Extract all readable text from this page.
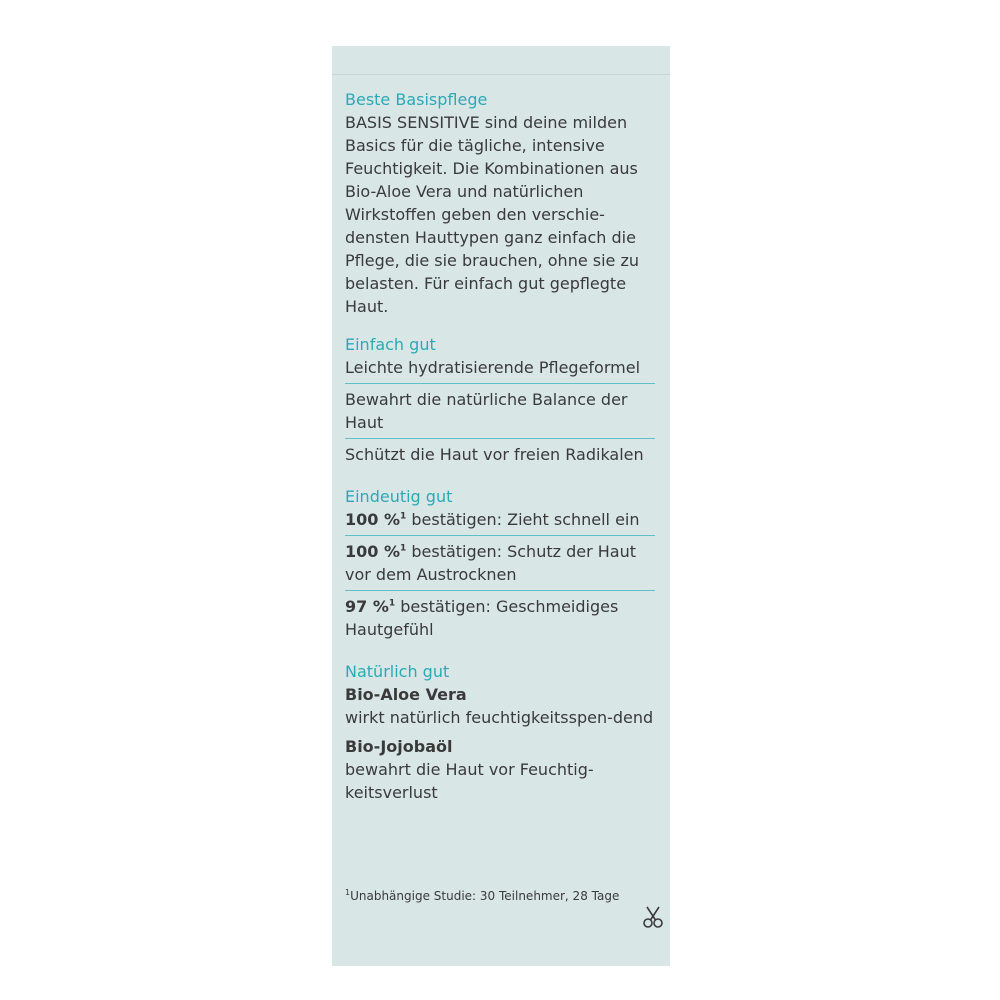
Beste Basispflege

BASIS SENSITIVE sind deine milden Basics für die tägliche, intensive Feuchtigkeit. Die Kombinationen aus Bio-Aloe Vera und natürlichen Wirkstoffen geben den verschie-densten Hauttypen ganz einfach die Pflege, die sie brauchen, ohne sie zu belasten. Für einfach gut gepflegte Haut.

Einfach gut

Leichte hydratisierende Pflegeformel
Bewahrt die natürliche Balance der Haut
Schützt die Haut vor freien Radikalen

Eindeutig gut

100 %$^1$ bestätigen: Zieht schnell ein
100 %$^1$ bestätigen: Schutz der Haut vor dem Austrocknen
97 %$^1$ bestätigen: Geschmeidiges Hautgefühl

Natürlich gut

Bio-Aloe Vera
wirkt natürlich feuchtigkeitsspen-dend
Bio-Jojobaöl
bewahrt die Haut vor Feuchtig-keitsverlust
$^1$Unabhängige Studie: 30 Teilnehmer, 28 Tage
